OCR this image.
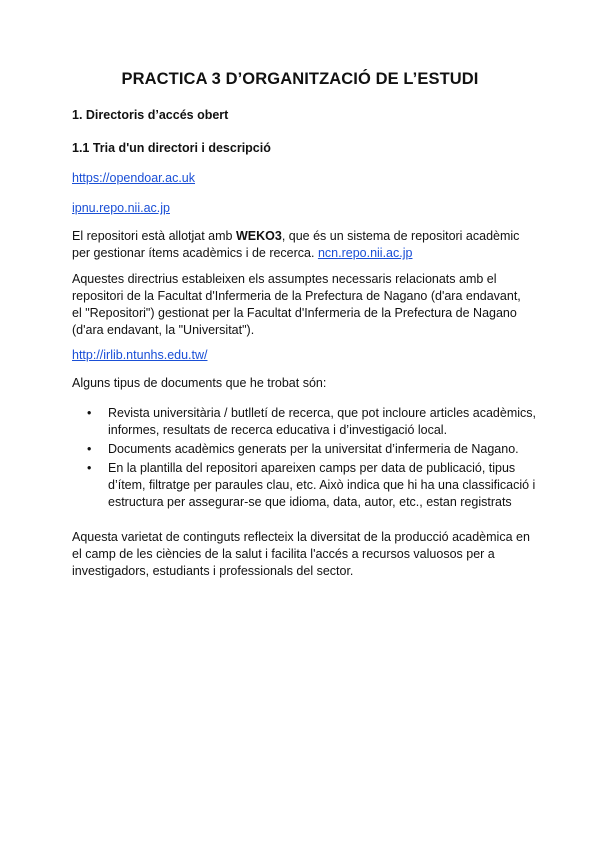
PRACTICA 3 D’ORGANITZACIÓ DE L’ESTUDI
1. Directoris d’accés obert
1.1 Tria d'un directori i descripció
https://opendoar.ac.uk
ipnu.repo.nii.ac.jp
El repositori està allotjat amb WEKO3, que és un sistema de repositori acadèmic per gestionar ítems acadèmics i de recerca. ncn.repo.nii.ac.jp
Aquestes directrius estableixen els assumptes necessaris relacionats amb el repositori de la Facultat d'Infermeria de la Prefectura de Nagano (d'ara endavant, el "Repositori") gestionat per la Facultat d'Infermeria de la Prefectura de Nagano (d'ara endavant, la "Universitat").
http://irlib.ntunhs.edu.tw/
Alguns tipus de documents que he trobat són:
• Revista universitària / butlletí de recerca, que pot incloure articles acadèmics, informes, resultats de recerca educativa i d’investigació local.
• Documents acadèmics generats per la universitat d’infermeria de Nagano.
• En la plantilla del repositori apareixen camps per data de publicació, tipus d’ítem, filtratge per paraules clau, etc. Això indica que hi ha una classificació i estructura per assegurar-se que idioma, data, autor, etc., estan registrats
Aquesta varietat de continguts reflecteix la diversitat de la producció acadèmica en el camp de les ciències de la salut i facilita l'accés a recursos valuosos per a investigadors, estudiants i professionals del sector.
